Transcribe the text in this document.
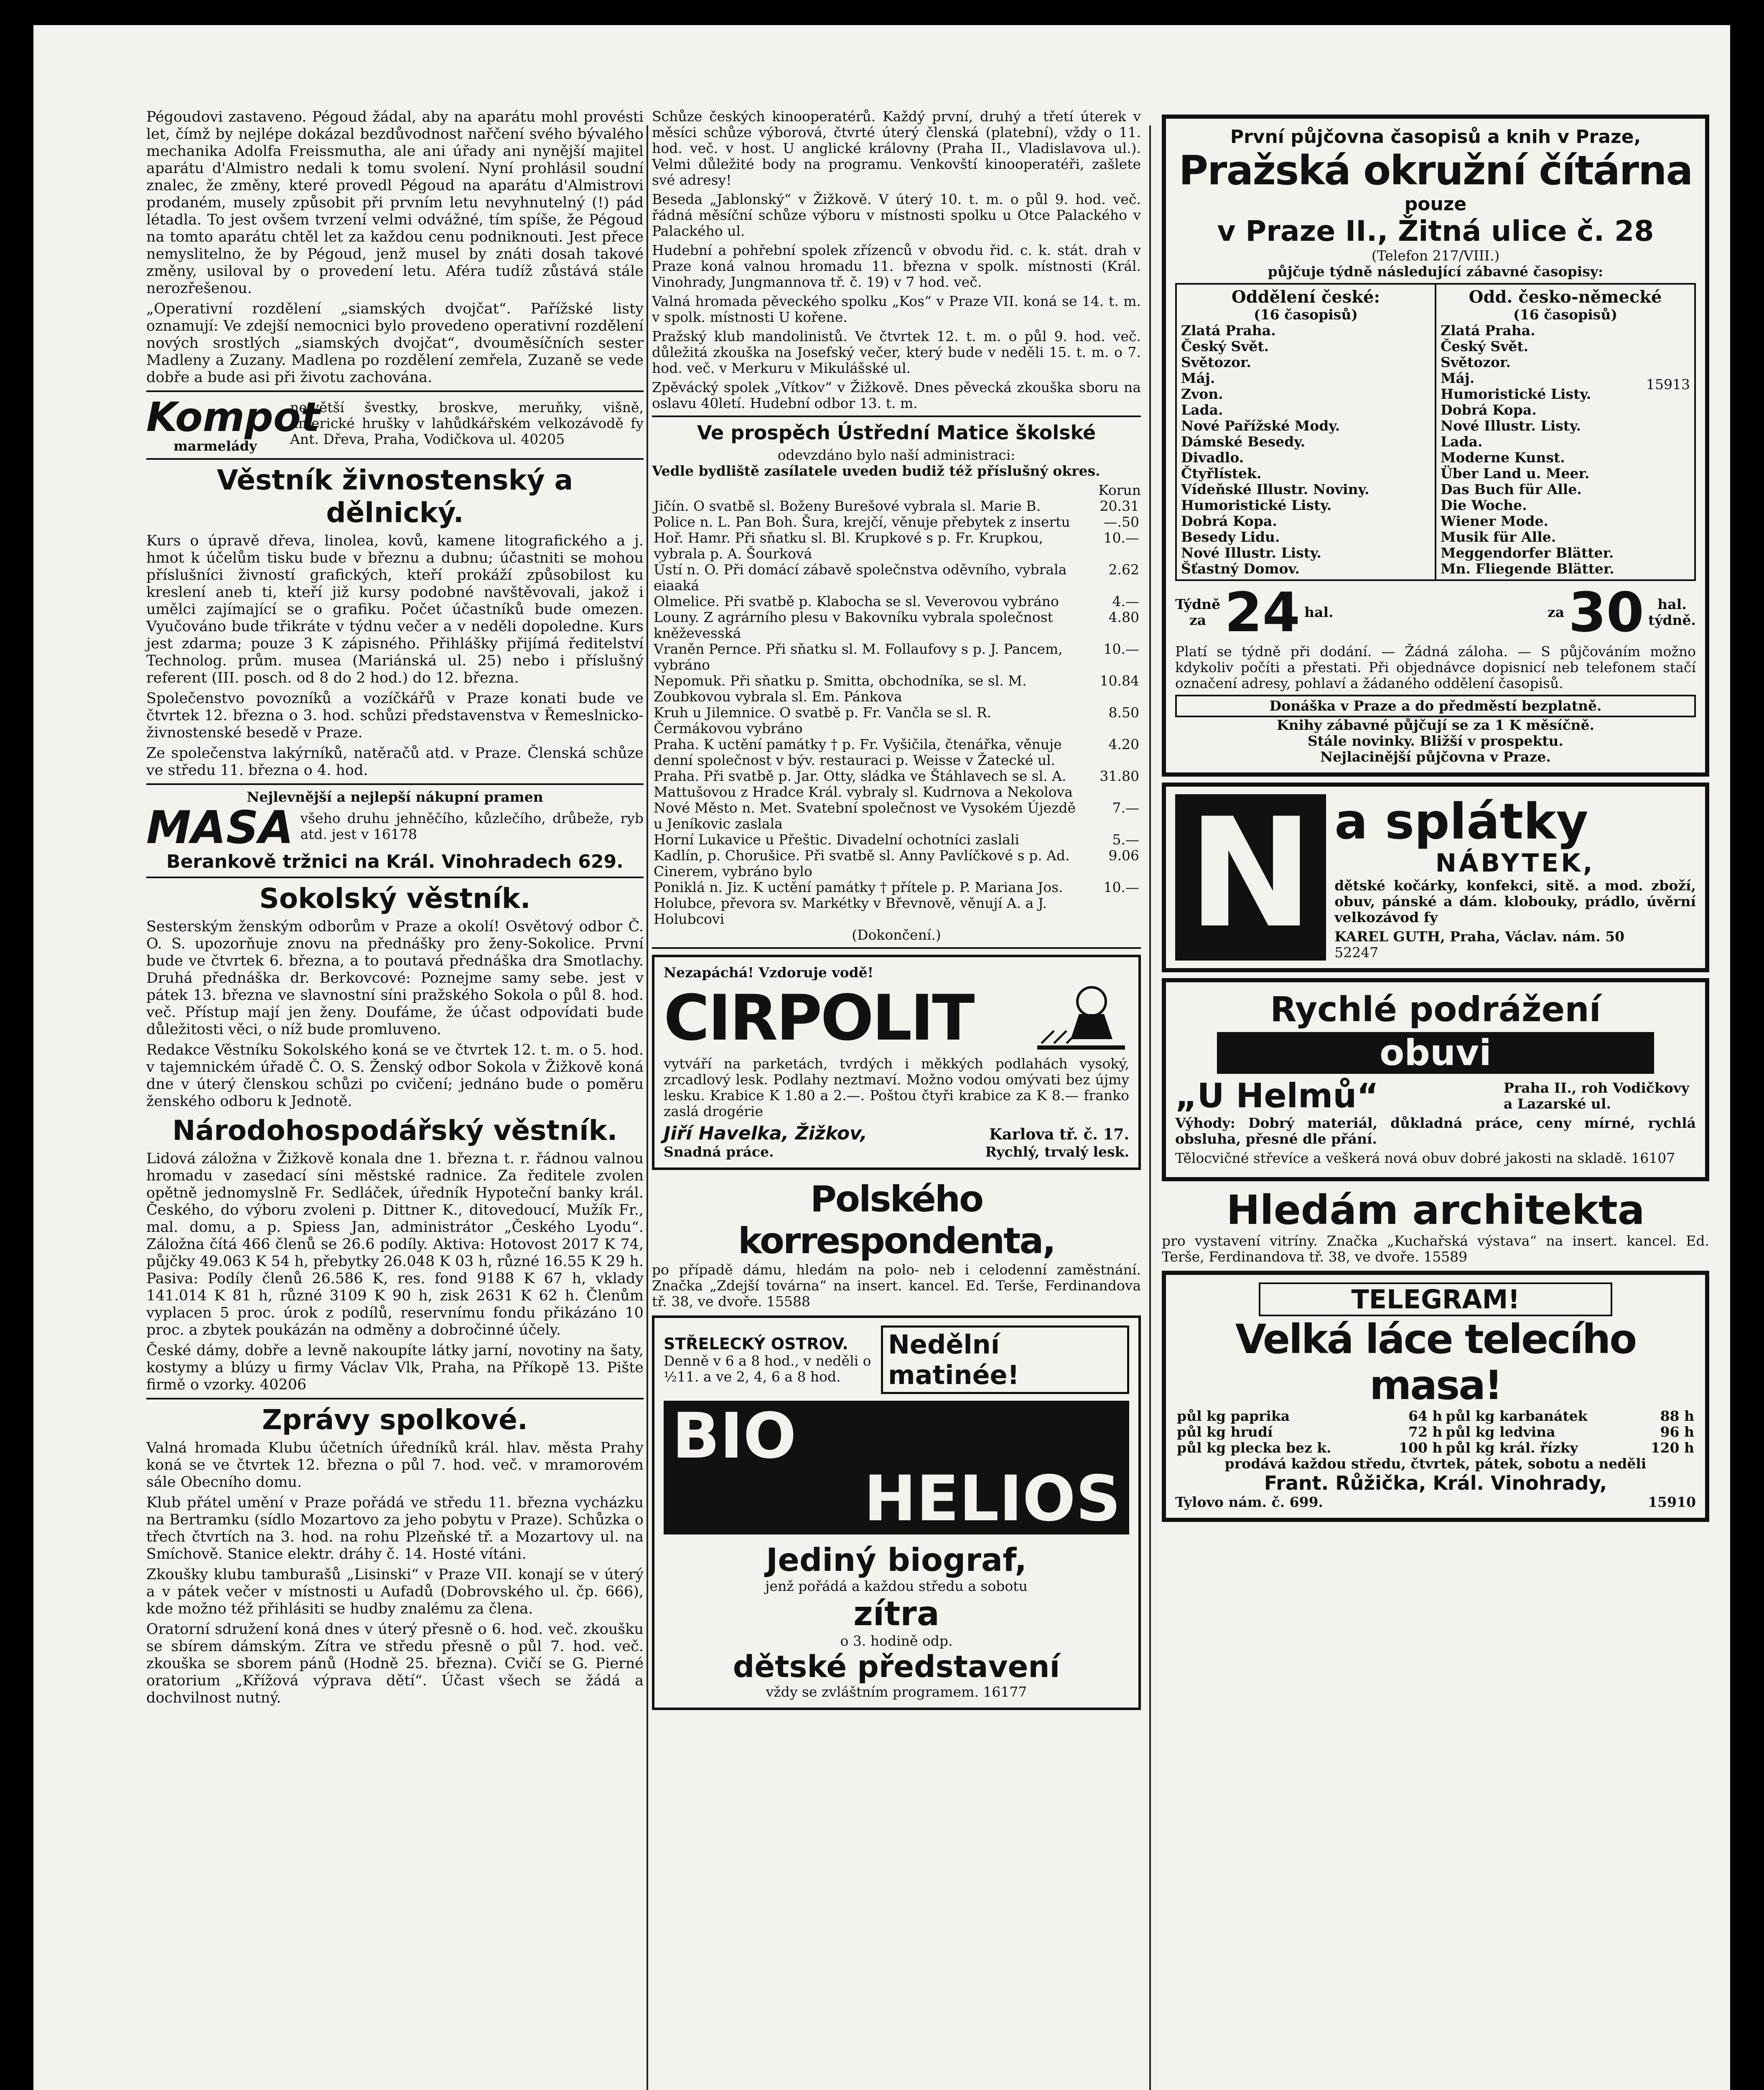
Pégoudovi zastaveno. Pégoud žádal, aby na aparátu mohl provésti let, čímž by nejlépe dokázal bezdůvodnost nařčení svého bývalého mechanika Adolfa Freissmutha, ale ani úřady ani nynější majitel aparátu d'Almistro nedali k tomu svolení. Nyní prohlásil soudní znalec, že změny, které provedl Pégoud na aparátu d'Almistrovi prodaném, musely způsobit při prvním letu nevyhnutelný (!) pád létadla. To jest ovšem tvrzení velmi odvážné, tím spíše, že Pégoud na tomto aparátu chtěl let za každou cenu podniknouti. Jest přece nemyslitelno, že by Pégoud, jenž musel by znáti dosah takové změny, usiloval by o provedení letu. Aféra tudíž zůstává stále nerozřešenou.

„Operativní rozdělení „siamských dvojčat“. Pařížské listy oznamují: Ve zdejší nemocnici bylo provedeno operativní rozdělení nových srostlých „siamských dvojčat“, dvouměsíčních sester Madleny a Zuzany. Madlena po rozdělení zemřela, Zuzaně se vede dobře a bude asi při životu zachována.

Kompot
marmelády
největší švestky, broskve, meruňky, višně, americké hrušky v lahůdkářském velkozávodě fy Ant. Dřeva, Praha, Vodičkova ul. 40205
Věstník živnostenský a dělnický.

Kurs o úpravě dřeva, linolea, kovů, kamene litografického a j. hmot k účelům tisku bude v březnu a dubnu; účastniti se mohou příslušníci živností grafických, kteří prokáží způsobilost ku kreslení aneb ti, kteří již kursy podobné navštěvovali, jakož i umělci zajímající se o grafiku. Počet účastníků bude omezen. Vyučováno bude třikráte v týdnu večer a v neděli dopoledne. Kurs jest zdarma; pouze 3 K zápisného. Přihlášky přijímá ředitelství Technolog. prům. musea (Mariánská ul. 25) nebo i příslušný referent (III. posch. od 8 do 2 hod.) do 12. března.

Společenstvo povozníků a vozíčkářů v Praze konati bude ve čtvrtek 12. března o 3. hod. schůzi představenstva v Řemeslnicko-živnostenské besedě v Praze.

Ze společenstva lakýrníků, natěračů atd. v Praze. Členská schůze ve středu 11. března o 4. hod.

Nejlevnější a nejlepší nákupní pramen
MASA všeho druhu jehněčího, kůzlečího, drůbeže, ryb atd. jest v 16178
Berankově tržnici na Král. Vinohradech 629.
Sokolský věstník.

Sesterským ženským odborům v Praze a okolí! Osvětový odbor Č. O. S. upozorňuje znovu na přednášky pro ženy-Sokolice. První bude ve čtvrtek 6. března, a to poutavá přednáška dra Smotlachy. Druhá přednáška dr. Berkovcové: Poznejme samy sebe. jest v pátek 13. března ve slavnostní síni pražského Sokola o půl 8. hod. več. Přístup mají jen ženy. Doufáme, že účast odpovídati bude důležitosti věci, o níž bude promluveno.

Redakce Věstníku Sokolského koná se ve čtvrtek 12. t. m. o 5. hod. v tajemnickém úřadě Č. O. S. Ženský odbor Sokola v Žižkově koná dne v úterý členskou schůzi po cvičení; jednáno bude o poměru ženského odboru k Jednotě.

Národohospodářský věstník.

Lidová záložna v Žižkově konala dne 1. března t. r. řádnou valnou hromadu v zasedací síni městské radnice. Za ředitele zvolen opětně jednomyslně Fr. Sedláček, úředník Hypoteční banky král. Českého, do výboru zvoleni p. Dittner K., ditovedoucí, Mužík Fr., mal. domu, a p. Spiess Jan, administrátor „Českého Lyodu“. Záložna čítá 466 členů se 26.6 podíly. Aktiva: Hotovost 2017 K 74, půjčky 49.063 K 54 h, přebytky 26.048 K 03 h, různé 16.55 K 29 h. Pasiva: Podíly členů 26.586 K, res. fond 9188 K 67 h, vklady 141.014 K 81 h, různé 3109 K 90 h, zisk 2631 K 62 h. Členům vyplacen 5 proc. úrok z podílů, reservnímu fondu přikázáno 10 proc. a zbytek poukázán na odměny a dobročinné účely.

České dámy, dobře a levně nakoupíte látky jarní, novotiny na šaty, kostymy a blúzy u firmy Václav Vlk, Praha, na Příkopě 13. Pište firmě o vzorky. 40206

Zprávy spolkové.

Valná hromada Klubu účetních úředníků král. hlav. města Prahy koná se ve čtvrtek 12. března o půl 7. hod. več. v mramorovém sále Obecního domu.

Klub přátel umění v Praze pořádá ve středu 11. března vycházku na Bertramku (sídlo Mozartovo za jeho pobytu v Praze). Schůzka o třech čtvrtích na 3. hod. na rohu Plzeňské tř. a Mozartovy ul. na Smíchově. Stanice elektr. dráhy č. 14. Hosté vítáni.

Zkoušky klubu tamburašů „Lisinski“ v Praze VII. konají se v úterý a v pátek večer v místnosti u Aufadů (Dobrovského ul. čp. 666), kde možno též přihlásiti se hudby znalému za člena.

Oratorní sdružení koná dnes v úterý přesně o 6. hod. več. zkoušku se sbírem dámským. Zítra ve středu přesně o půl 7. hod. več. zkouška se sborem pánů (Hodně 25. března). Cvičí se G. Pierné oratorium „Křížová výprava dětí“. Účast všech se žádá a dochvilnost nutný.

Schůze českých kinooperatérů. Každý první, druhý a třetí úterek v měsíci schůze výborová, čtvrté úterý členská (platební), vždy o 11. hod. več. v host. U anglické královny (Praha II., Vladislavova ul.). Velmi důležité body na programu. Venkovští kinooperatéři, zašlete své adresy!

Beseda „Jablonský“ v Žižkově. V úterý 10. t. m. o půl 9. hod. več. řádná měsíční schůze výboru v místnosti spolku u Otce Palackého v Palackého ul.

Hudební a pohřební spolek zřízenců v obvodu řid. c. k. stát. drah v Praze koná valnou hromadu 11. března v spolk. místnosti (Král. Vinohrady, Jungmannova tř. č. 19) v 7 hod. več.

Valná hromada pěveckého spolku „Kos“ v Praze VII. koná se 14. t. m. v spolk. místnosti U kořene.

Pražský klub mandolinistů. Ve čtvrtek 12. t. m. o půl 9. hod. več. důležitá zkouška na Josefský večer, který bude v neděli 15. t. m. o 7. hod. več. v Merkuru v Mikulášské ul.

Zpěvácký spolek „Vítkov“ v Žižkově. Dnes pěvecká zkouška sboru na oslavu 40letí. Hudební odbor 13. t. m.

Ve prospěch Ústřední Matice školské
odevzdáno bylo naší administraci:
Vedle bydliště zasílatele uveden budiž též příslušný okres.
Korun
Jičín. O svatbě sl. Boženy Burešové vybrala sl. Marie B.	20.31
Police n. L. Pan Boh. Šura, krejčí, věnuje přebytek z insertu	—.50
Hoř. Hamr. Při sňatku sl. Bl. Krupkové s p. Fr. Krupkou, vybrala p. A. Šourková	10.—
Ústí n. O. Při domácí zábavě společnstva oděvního, vybrala eiaaká	2.62
Olmelice. Při svatbě p. Klabocha se sl. Veverovou vybráno	4.—
Louny. Z agrárního plesu v Bakovníku vybrala společnost kněževesská	4.80
Vraněn Pernce. Při sňatku sl. M. Follaufovy s p. J. Pancem, vybráno	10.—
Nepomuk. Při sňatku p. Smitta, obchodníka, se sl. M. Zoubkovou vybrala sl. Em. Pánkova	10.84
Kruh u Jilemnice. O svatbě p. Fr. Vančla se sl. R. Čermákovou vybráno	8.50
Praha. K uctění památky † p. Fr. Vyšičila, čtenářka, věnuje denní společnost v býv. restauraci p. Weisse v Žatecké ul.	4.20
Praha. Při svatbě p. Jar. Otty, sládka ve Štáhlavech se sl. A. Mattušovou z Hradce Král. vybraly sl. Kudrnova a Nekolova	31.80
Nové Město n. Met. Svatební společnost ve Vysokém Újezdě u Jeníkovic zaslala	7.—
Horní Lukavice u Přeštic. Divadelní ochotníci zaslali	5.—
Kadlín, p. Chorušice. Při svatbě sl. Anny Pavlíčkové s p. Ad. Cinerem, vybráno bylo	9.06
Poniklá n. Jiz. K uctění památky † přítele p. P. Mariana Jos. Holubce, převora sv. Markétky v Břevnově, věnují A. a J. Holubcovi	10.—
(Dokončení.)
Nezapáchá! Vzdoruje vodě!
CIRPOLIT
vytváří na parketách, tvrdých i měkkých podlahách vysoký, zrcadlový lesk. Podlahy neztmaví. Možno vodou omývati bez újmy lesku. Krabice K 1.80 a 2.—. Poštou čtyři krabice za K 8.— franko zaslá drogérie
Jiří Havelka, Žižkov,	Karlova tř. č. 17.
Snadná práce.	Rychlý, trvalý lesk.
Polského korrespondenta,

po případě dámu, hledám na polo- neb i celodenní zaměstnání. Značka „Zdejší továrna“ na insert. kancel. Ed. Terše, Ferdinandova tř. 38, ve dvoře. 15588

STŘELECKÝ OSTROV.
Denně v 6 a 8 hod., v neděli o ½11. a ve 2, 4, 6 a 8 hod.
Nedělní matinée!
BIO
HELIOS
Jediný biograf,
jenž pořádá a každou středu a sobotu
zítra
o 3. hodině odp.
dětské představení
vždy se zvláštním programem. 16177
První půjčovna časopisů a knih v Praze,
Pražská okružní čítárna
pouze
v Praze II., Žitná ulice č. 28
(Telefon 217/VIII.)
půjčuje týdně následující zábavné časopisy:
Oddělení české:
(16 časopisů)
Zlatá Praha.
Český Svět.
Světozor.
Máj.
Zvon.
Lada.
Nové Pařížské Mody.
Dámské Besedy.
Divadlo.
Čtyřlístek.
Vídeňské Illustr. Noviny.
Humoristické Listy.
Dobrá Kopa.
Besedy Lidu.
Nové Illustr. Listy.
Šťastný Domov.
Odd. česko-německé
(16 časopisů)
Zlatá Praha.
Český Svět.
Světozor.
Máj.
Humoristické Listy.
Dobrá Kopa.
Nové Illustr. Listy.
Lada.
Moderne Kunst.
Über Land u. Meer.
Das Buch für Alle.
Die Woche.
Wiener Mode.
Musik für Alle.
Meggendorfer Blätter.
Mn. Fliegende Blätter.
15913
Týdně
za 24 hal.	za 30 hal.
týdně.

Platí se týdně při dodání. — Žádná záloha. — S půjčováním možno kdykoliv počíti a přestati. Při objednávce dopisnicí neb telefonem stačí označení adresy, pohlaví a žádaného oddělení časopisů.

Donáška v Praze a do předměstí bezplatně.
Knihy zábavné půjčují se za 1 K měsíčně.
Stále novinky. Bližší v prospektu.
Nejlacinější půjčovna v Praze.
N a splátky
NÁBYTEK,

dětské kočárky, konfekci, sitě. a mod. zboží, obuv, pánské a dám. klobouky, prádlo, úvěrní velkozávod fy

KAREL GUTH, Praha, Václav. nám. 50
52247
Rychlé podrážení
obuvi
„U Helmů“	Praha II., roh Vodičkovy a Lazarské ul.

Výhody: Dobrý materiál, důkladná práce, ceny mírné, rychlá obsluha, přesné dle přání.

Tělocvičné střevíce a veškerá nová obuv dobré jakosti na skladě. 16107

Hledám architekta

pro vystavení vitríny. Značka „Kuchařská výstava“ na insert. kancel. Ed. Terše, Ferdinandova tř. 38, ve dvoře. 15589

TELEGRAM!
Velká láce telecího masa!
půl kg paprika	64 h	půl kg karbanátek	88 h
půl kg hrudí	72 h	půl kg ledvina	96 h
půl kg plecka bez k.	100 h	půl kg král. řízky	120 h
prodává každou středu, čtvrtek, pátek, sobotu a neděli
Frant. Růžička, Král. Vinohrady,
Tylovo nám. č. 699.	15910
